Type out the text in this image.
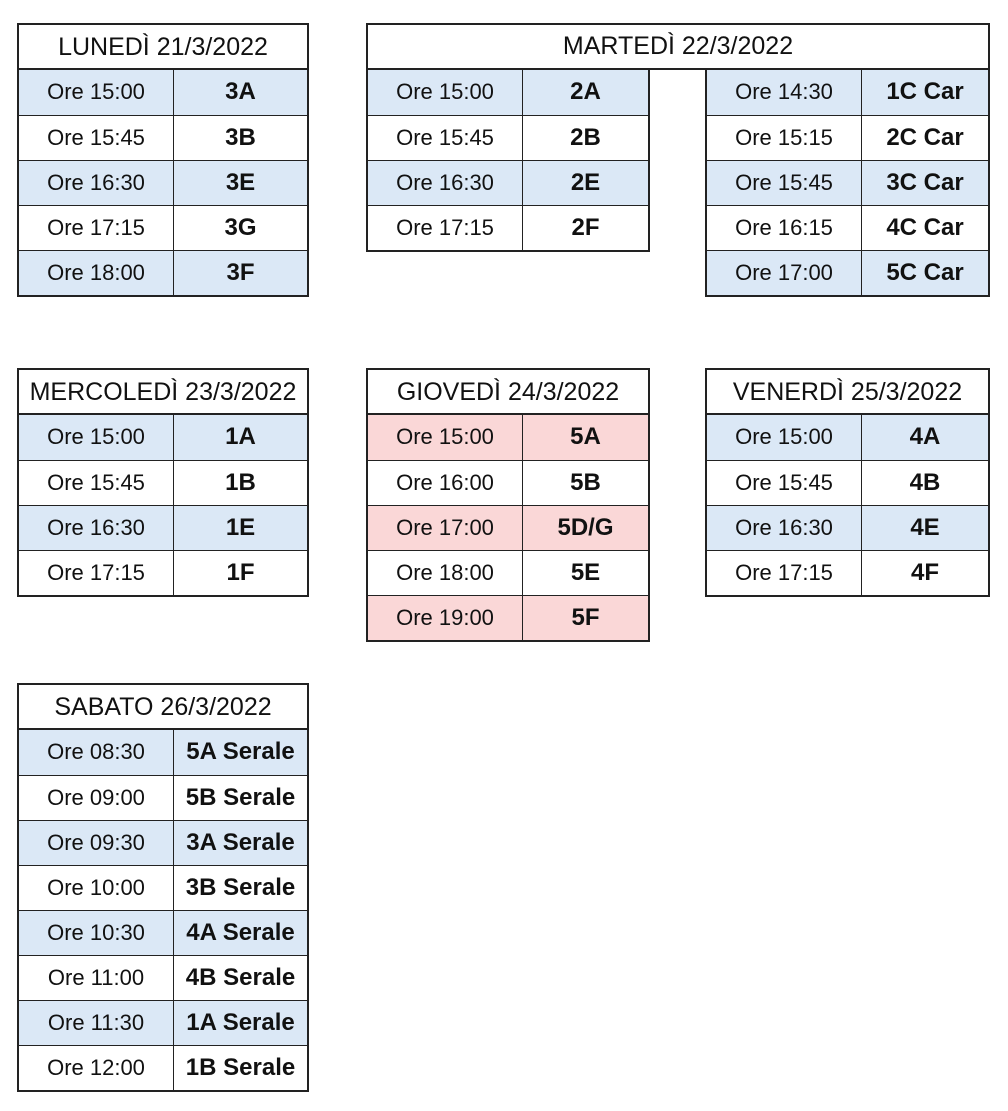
LUNEDÌ 21/3/2022
Ore 15:00	3A
Ore 15:45	3B
Ore 16:30	3E
Ore 17:15	3G
Ore 18:00	3F
MARTEDÌ 22/3/2022
Ore 15:00	2A
Ore 15:45	2B
Ore 16:30	2E
Ore 17:15	2F
Ore 14:30	1C Car
Ore 15:15	2C Car
Ore 15:45	3C Car
Ore 16:15	4C Car
Ore 17:00	5C Car
MERCOLEDÌ 23/3/2022
Ore 15:00	1A
Ore 15:45	1B
Ore 16:30	1E
Ore 17:15	1F
GIOVEDÌ 24/3/2022
Ore 15:00	5A
Ore 16:00	5B
Ore 17:00	5D/G
Ore 18:00	5E
Ore 19:00	5F
VENERDÌ 25/3/2022
Ore 15:00	4A
Ore 15:45	4B
Ore 16:30	4E
Ore 17:15	4F
SABATO 26/3/2022
Ore 08:30	5A Serale
Ore 09:00	5B Serale
Ore 09:30	3A Serale
Ore 10:00	3B Serale
Ore 10:30	4A Serale
Ore 11:00	4B Serale
Ore 11:30	1A Serale
Ore 12:00	1B Serale
